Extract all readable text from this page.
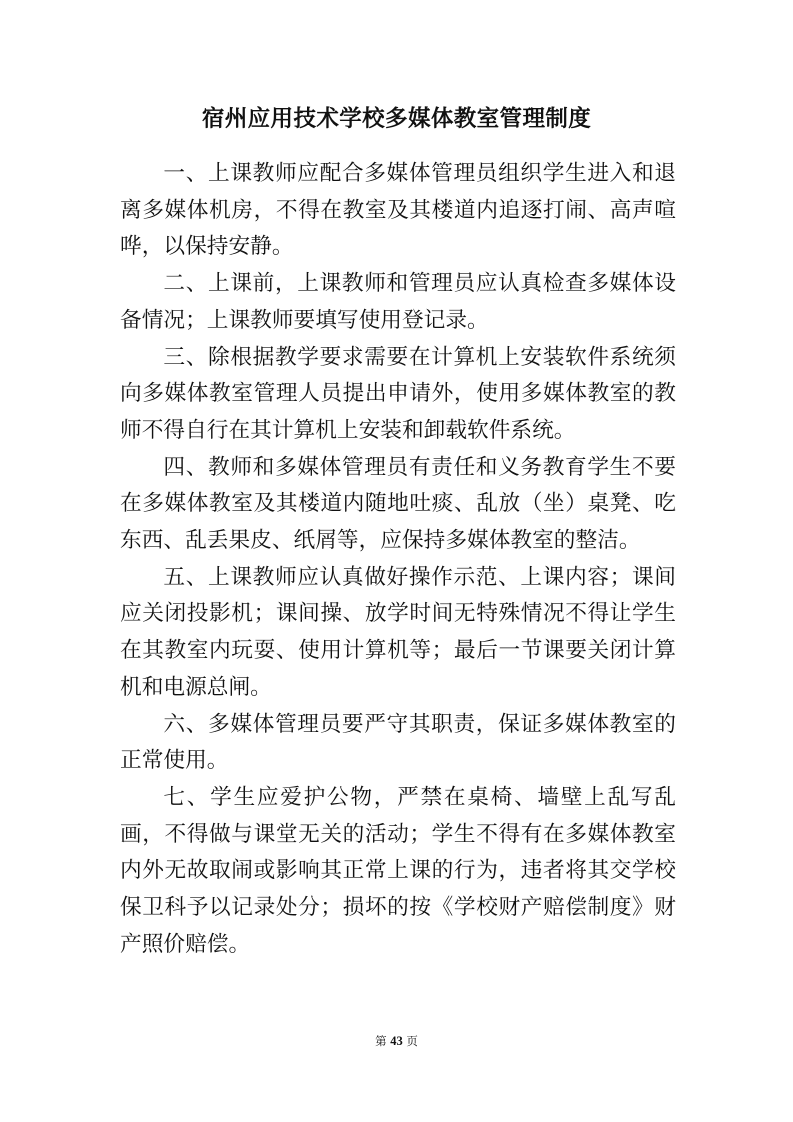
宿州应用技术学校多媒体教室管理制度

一、上课教师应配合多媒体管理员组织学生进入和退离多媒体机房，不得在教室及其楼道内追逐打闹、高声喧哗，以保持安静。

二、上课前，上课教师和管理员应认真检查多媒体设备情况；上课教师要填写使用登记录。

三、除根据教学要求需要在计算机上安装软件系统须向多媒体教室管理人员提出申请外，使用多媒体教室的教师不得自行在其计算机上安装和卸载软件系统。

四、教师和多媒体管理员有责任和义务教育学生不要在多媒体教室及其楼道内随地吐痰、乱放（坐）桌凳、吃东西、乱丢果皮、纸屑等，应保持多媒体教室的整洁。

五、上课教师应认真做好操作示范、上课内容；课间应关闭投影机；课间操、放学时间无特殊情况不得让学生在其教室内玩耍、使用计算机等；最后一节课要关闭计算机和电源总闸。

六、多媒体管理员要严守其职责，保证多媒体教室的正常使用。

七、学生应爱护公物，严禁在桌椅、墙壁上乱写乱画，不得做与课堂无关的活动；学生不得有在多媒体教室内外无故取闹或影响其正常上课的行为，违者将其交学校保卫科予以记录处分；损坏的按《学校财产赔偿制度》财产照价赔偿。

第 43 页
